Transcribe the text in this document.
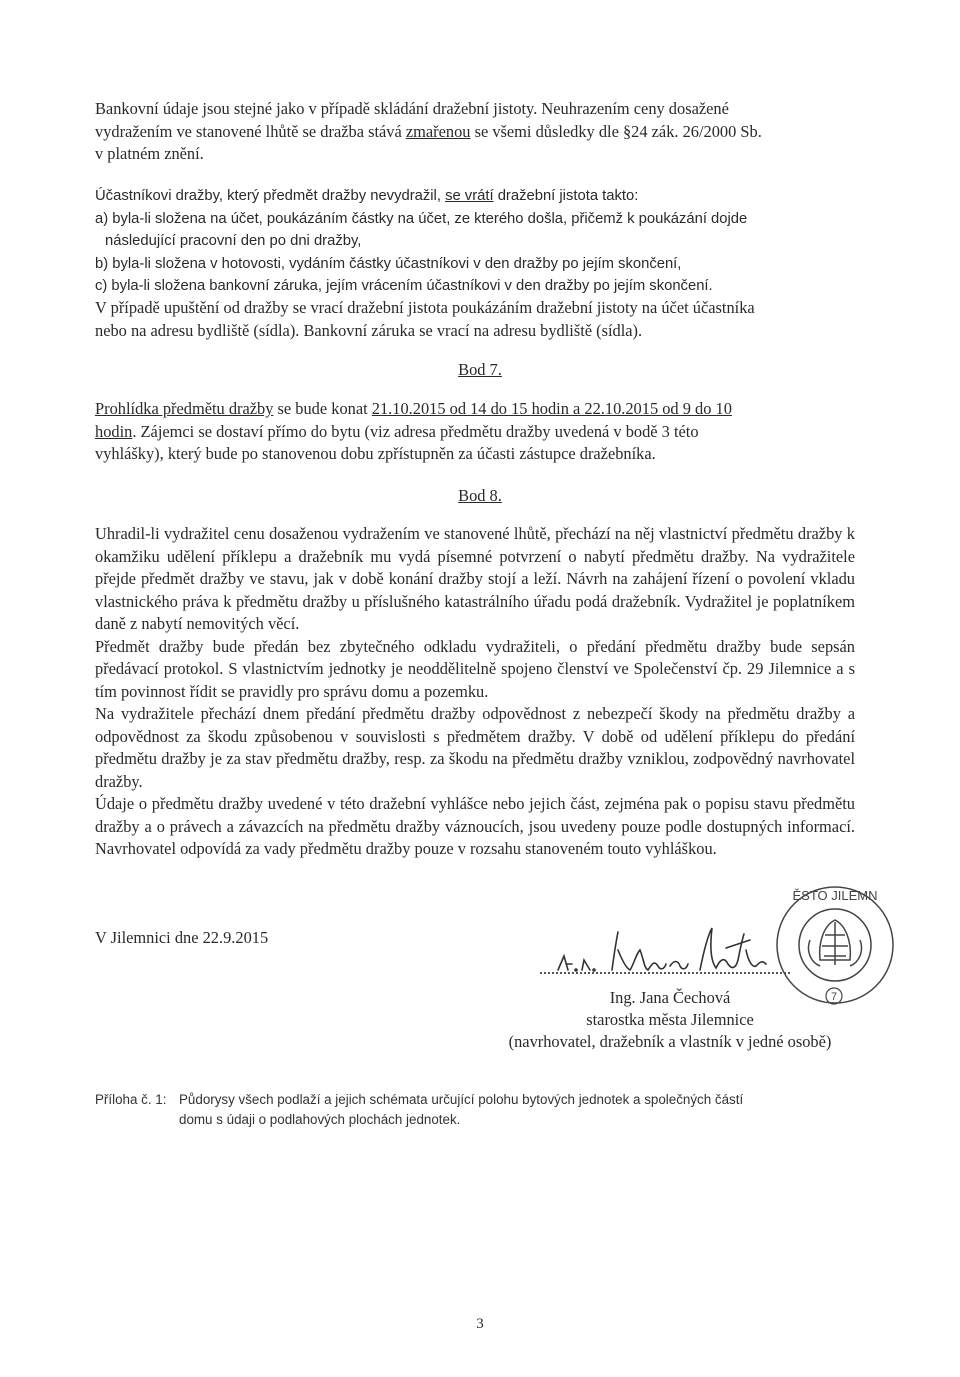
Bankovní údaje jsou stejné jako v případě skládání dražební jistoty. Neuhrazením ceny dosažené
vydražením ve stanovené lhůtě se dražba stává zmařenou se všemi důsledky dle §24 zák. 26/2000 Sb.
v platném znění.
Účastníkovi dražby, který předmět dražby nevydražil, se vrátí dražební jistota takto:
a) byla-li složena na účet, poukázáním částky na účet, ze kterého došla, přičemž k poukázání dojde
následující pracovní den po dni dražby,
b) byla-li složena v hotovosti, vydáním částky účastníkovi v den dražby po jejím skončení,
c) byla-li složena bankovní záruka, jejím vrácením účastníkovi v den dražby po jejím skončení.
V případě upuštění od dražby se vrací dražební jistota poukázáním dražební jistoty na účet účastníka
nebo na adresu bydliště (sídla). Bankovní záruka se vrací na adresu bydliště (sídla).
Bod 7.
Prohlídka předmětu dražby se bude konat 21.10.2015 od 14 do 15 hodin a 22.10.2015 od 9 do 10
hodin. Zájemci se dostaví přímo do bytu (viz adresa předmětu dražby uvedená v bodě 3 této
vyhlášky), který bude po stanovenou dobu zpřístupněn za účasti zástupce dražebníka.
Bod 8.
Uhradil-li vydražitel cenu dosaženou vydražením ve stanovené lhůtě, přechází na něj vlastnictví předmětu dražby k okamžiku udělení příklepu a dražebník mu vydá písemné potvrzení o nabytí předmětu dražby. Na vydražitele přejde předmět dražby ve stavu, jak v době konání dražby stojí a leží. Návrh na zahájení řízení o povolení vkladu vlastnického práva k předmětu dražby u příslušného katastrálního úřadu podá dražebník. Vydražitel je poplatníkem daně z nabytí nemovitých věcí.
Předmět dražby bude předán bez zbytečného odkladu vydražiteli, o předání předmětu dražby bude sepsán předávací protokol. S vlastnictvím jednotky je neoddělitelně spojeno členství ve Společenství čp. 29 Jilemnice a s tím povinnost řídit se pravidly pro správu domu a pozemku.
Na vydražitele přechází dnem předání předmětu dražby odpovědnost z nebezpečí škody na předmětu dražby a odpovědnost za škodu způsobenou v souvislosti s předmětem dražby. V době od udělení příklepu do předání předmětu dražby je za stav předmětu dražby, resp. za škodu na předmětu dražby vzniklou, zodpovědný navrhovatel dražby.
Údaje o předmětu dražby uvedené v této dražební vyhlášce nebo jejich část, zejména pak o popisu stavu předmětu dražby a o právech a závazcích na předmětu dražby váznoucích, jsou uvedeny pouze podle dostupných informací. Navrhovatel odpovídá za vady předmětu dražby pouze v rozsahu stanoveném touto vyhláškou.
V Jilemnici dne 22.9.2015
ĚSTO JILEMN
7
Ing. Jana Čechová
starostka města Jilemnice
(navrhovatel, dražebník a vlastník v jedné osobě)
Příloha č. 1: Půdorysy všech podlaží a jejich schémata určující polohu bytových jednotek a společných částí
domu s údaji o podlahových plochách jednotek.
3
